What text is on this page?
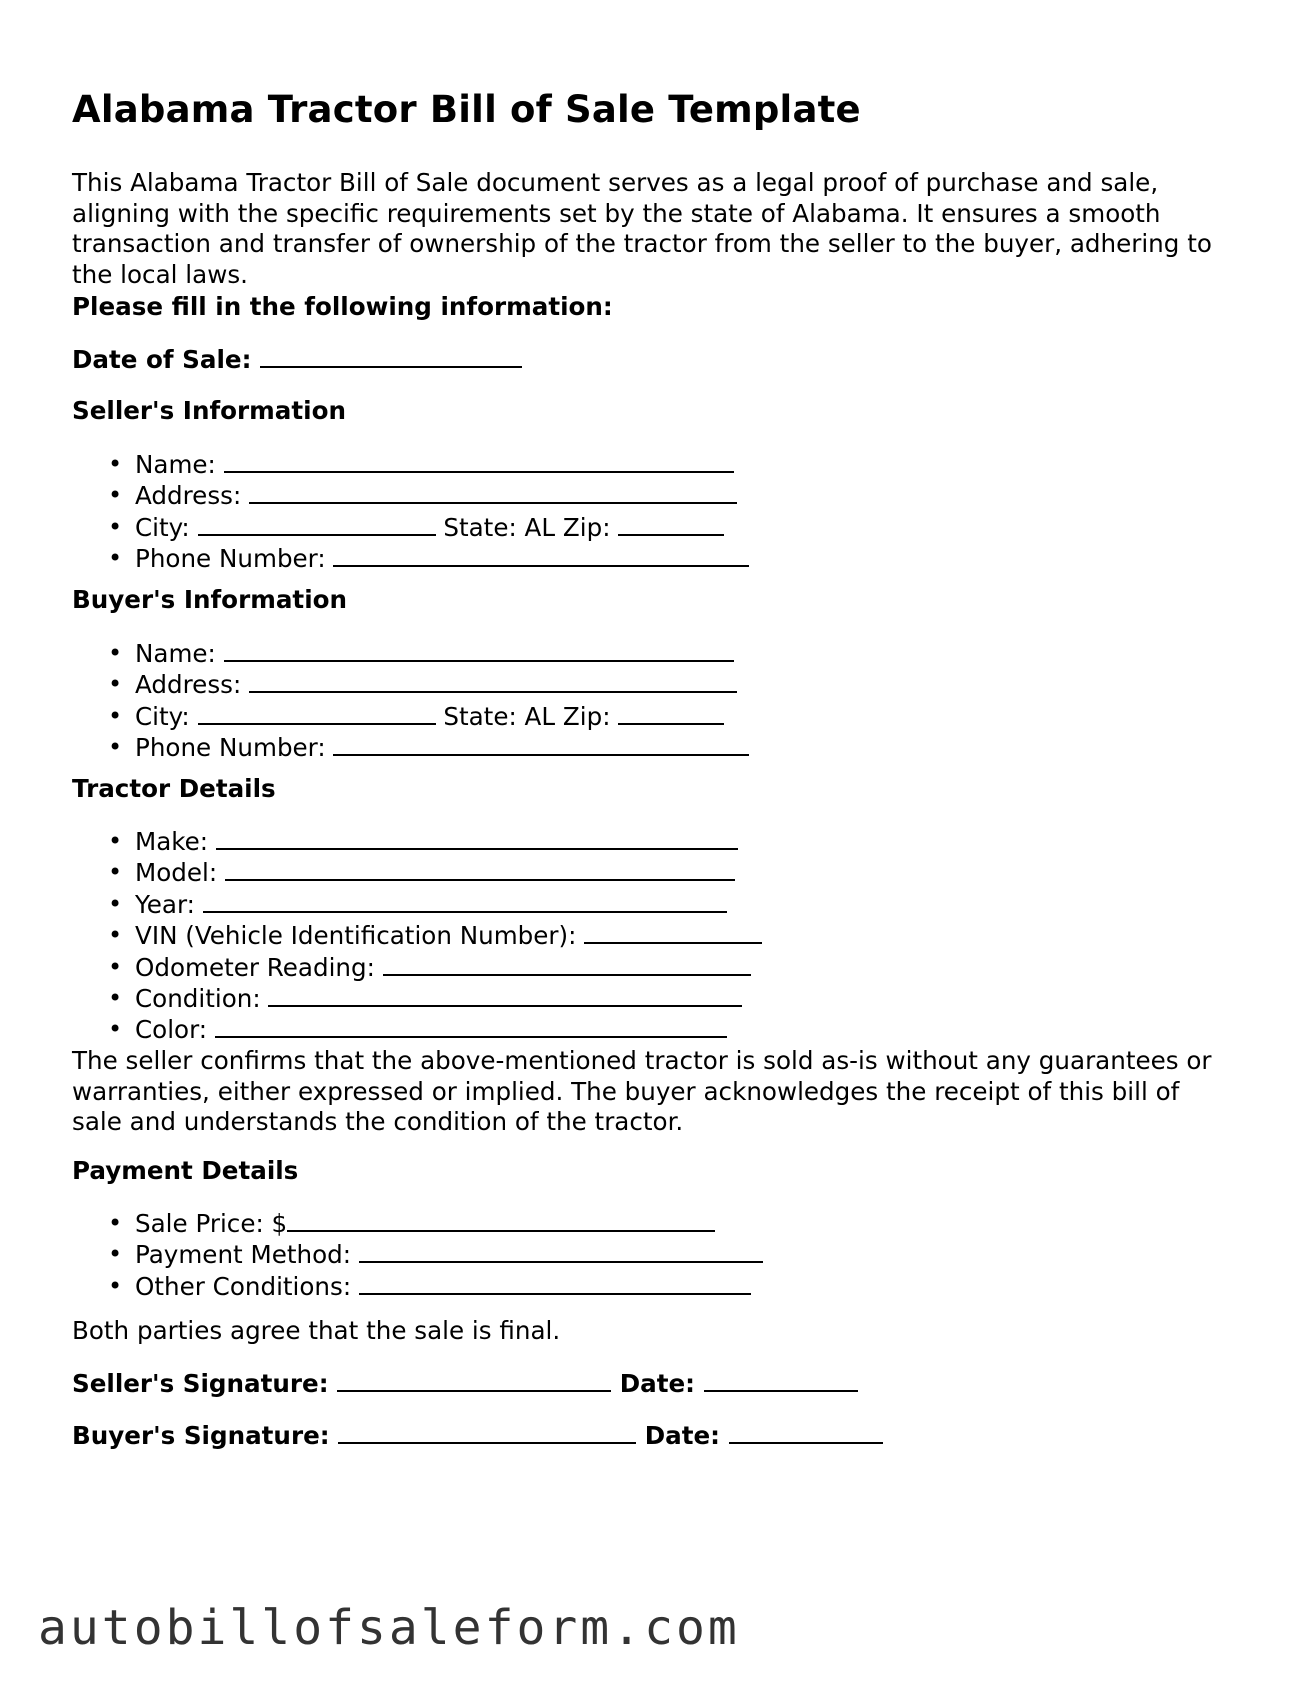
Alabama Tractor Bill of Sale Template

This Alabama Tractor Bill of Sale document serves as a legal proof of purchase and sale, aligning with the specific requirements set by the state of Alabama. It ensures a smooth transaction and transfer of ownership of the tractor from the seller to the buyer, adhering to the local laws.

Please fill in the following information:
Date of Sale:
Seller's Information
• Name:
• Address:
• City:	State: AL Zip:
• Phone Number:
Buyer's Information
• Name:
• Address:
• City:	State: AL Zip:
• Phone Number:
Tractor Details
• Make:
• Model:
• Year:
• VIN (Vehicle Identification Number):
• Odometer Reading:
• Condition:
• Color:

The seller confirms that the above-mentioned tractor is sold as-is without any guarantees or warranties, either expressed or implied. The buyer acknowledges the receipt of this bill of sale and understands the condition of the tractor.

Payment Details
• Sale Price: $
• Payment Method:
• Other Conditions:

Both parties agree that the sale is final.

Seller's Signature:	Date:
Buyer's Signature:	Date:
autobillofsaleform.com
